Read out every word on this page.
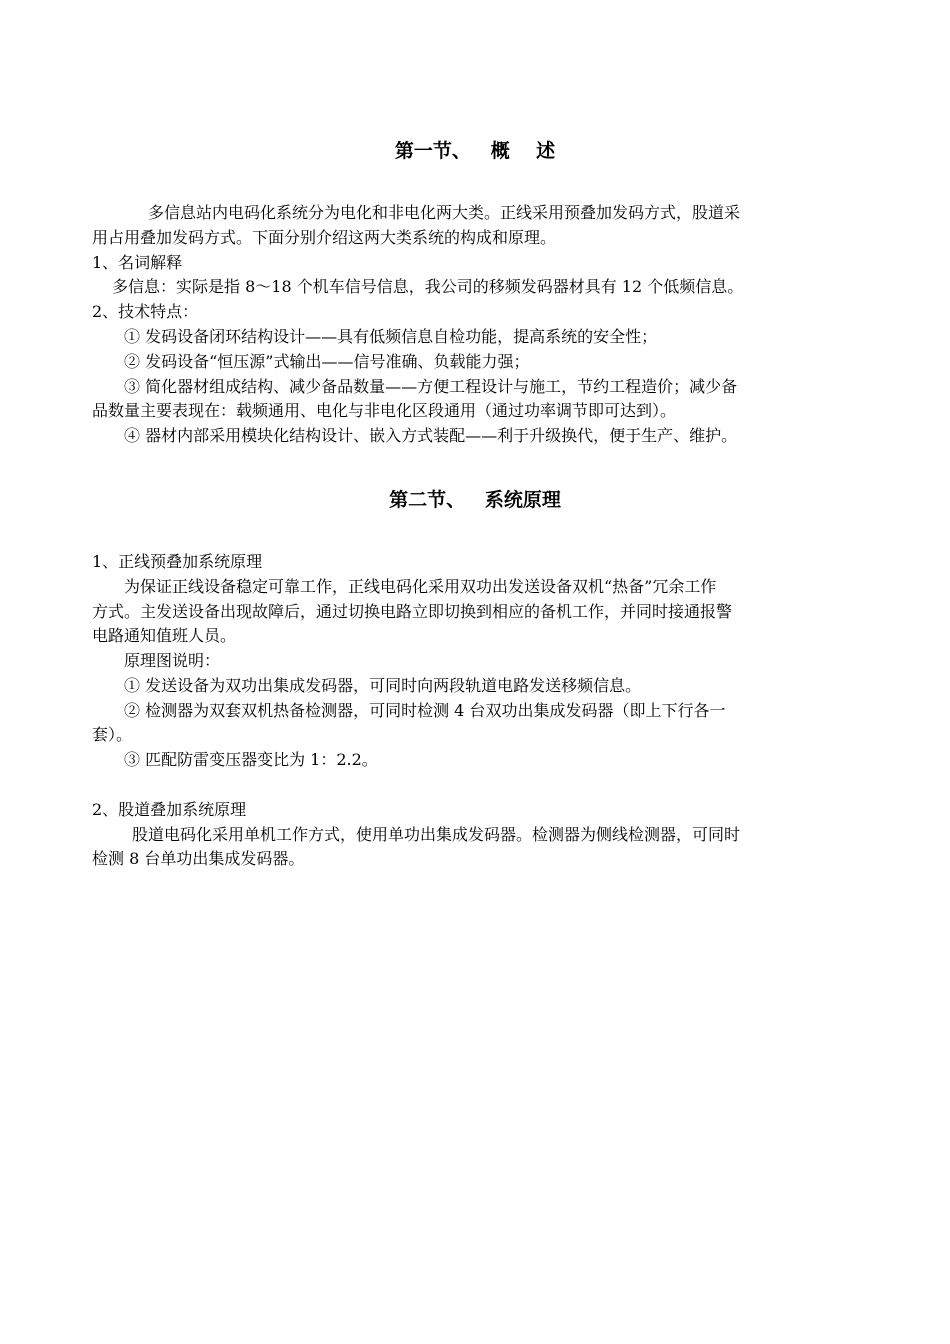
第一节、   概    述
多信息站内电码化系统分为电化和非电化两大类。正线采用预叠加发码方式，股道采
用占用叠加发码方式。下面分别介绍这两大类系统的构成和原理。
1、名词解释
多信息：实际是指 8～18 个机车信号信息，我公司的移频发码器材具有 12 个低频信息。
2、技术特点：
① 发码设备闭环结构设计——具有低频信息自检功能，提高系统的安全性；
② 发码设备“恒压源”式输出——信号准确、负载能力强；
③ 简化器材组成结构、减少备品数量——方便工程设计与施工，节约工程造价；减少备
品数量主要表现在：载频通用、电化与非电化区段通用（通过功率调节即可达到）。
④ 器材内部采用模块化结构设计、嵌入方式装配——利于升级换代，便于生产、维护。
第二节、   系统原理
1、正线预叠加系统原理
为保证正线设备稳定可靠工作，正线电码化采用双功出发送设备双机“热备”冗余工作
方式。主发送设备出现故障后，通过切换电路立即切换到相应的备机工作，并同时接通报警
电路通知值班人员。
原理图说明：
① 发送设备为双功出集成发码器，可同时向两段轨道电路发送移频信息。
② 检测器为双套双机热备检测器，可同时检测 4 台双功出集成发码器（即上下行各一
套）。
③ 匹配防雷变压器变比为 1：2.2。
2、股道叠加系统原理
股道电码化采用单机工作方式，使用单功出集成发码器。检测器为侧线检测器，可同时
检测 8 台单功出集成发码器。
